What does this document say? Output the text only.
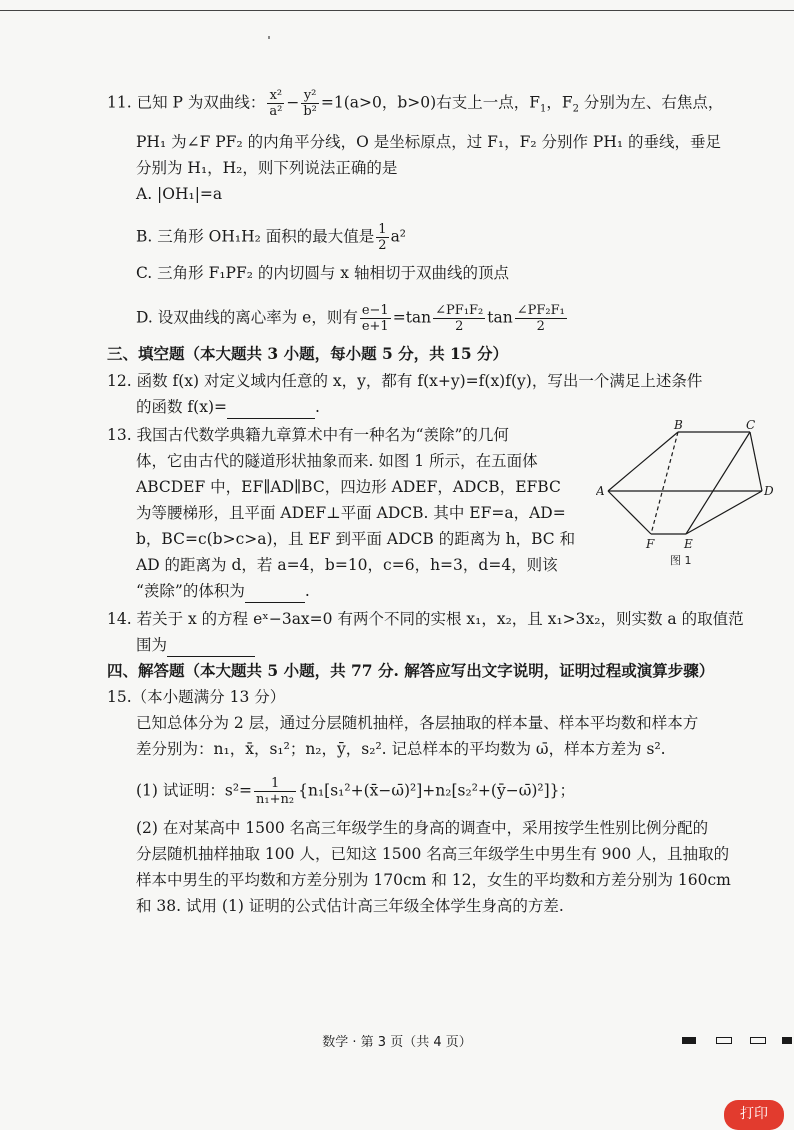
11. 已知 P 为双曲线： $\frac{\text{x²}}{\text{a²}} - \frac{\text{y²}}{\text{b²}} =1(a>0$，b>0)右支上一点，$F_1$，$F_2$ 分别为左、右焦点，
PH₁ 为∠F PF₂ 的内角平分线，O 是坐标原点，过 F₁，F₂ 分别作 PH₁ 的垂线，垂足
分别为 H₁，H₂，则下列说法正确的是
A. |OH₁|=a
B. 三角形 OH₁H₂ 面积的最大值是 $\frac{1}{2} a^2$
C. 三角形 F₁PF₂ 的内切圆与 x 轴相切于双曲线的顶点
D. 设双曲线的离心率为 e，则有 $\frac{e-1}{e+1} =\tan \frac{\text{∠PF₁F₂}}{2}$ $\tan \frac{\text{∠PF₂F₁}}{2}$
三、填空题（本大题共 3 小题，每小题 5 分，共 15 分）
12. 函数 f(x) 对定义域内任意的 x，y，都有 f(x+y)=f(x)f(y)，写出一个满足上述条件
的函数 f(x)=	.
13. 我国古代数学典籍九章算术中有一种名为“羡除”的几何
体，它由古代的隧道形状抽象而来. 如图 1 所示，在五面体
ABCDEF 中，EF∥AD∥BC，四边形 ADEF，ADCB，EFBC
为等腰梯形，且平面 ADEF⊥平面 ADCB. 其中 EF=a，AD=
b，BC=c(b>c>a)，且 EF 到平面 ADCB 的距离为 h，BC 和
AD 的距离为 d，若 a=4，b=10，c=6，h=3，d=4，则该
“羡除”的体积为	.
A
B	C
D
E
F
图 1
14. 若关于 x 的方程 eˣ−3ax=0 有两个不同的实根 x₁，x₂，且 x₁>3x₂，则实数 a 的取值范
围为
四、解答题（本大题共 5 小题，共 77 分. 解答应写出文字说明，证明过程或演算步骤）
15.（本小题满分 13 分）
已知总体分为 2 层，通过分层随机抽样，各层抽取的样本量、样本平均数和样本方
差分别为：n₁，x̄，s₁²；n₂，ȳ，s₂². 记总样本的平均数为 ω̄，样本方差为 s².
(1) 试证明：$s^2= \frac{1}{\text{n₁+n₂}}$ {n₁[s₁²+(x̄−ω̄)²]+n₂[s₂²+(ȳ−ω̄)²]}；
(2) 在对某高中 1500 名高三年级学生的身高的调查中，采用按学生性别比例分配的
分层随机抽样抽取 100 人，已知这 1500 名高三年级学生中男生有 900 人，且抽取的
样本中男生的平均数和方差分别为 170cm 和 12，女生的平均数和方差分别为 160cm
和 38. 试用 (1) 证明的公式估计高三年级全体学生身高的方差.
数学 · 第 3 页（共 4 页）
打印
